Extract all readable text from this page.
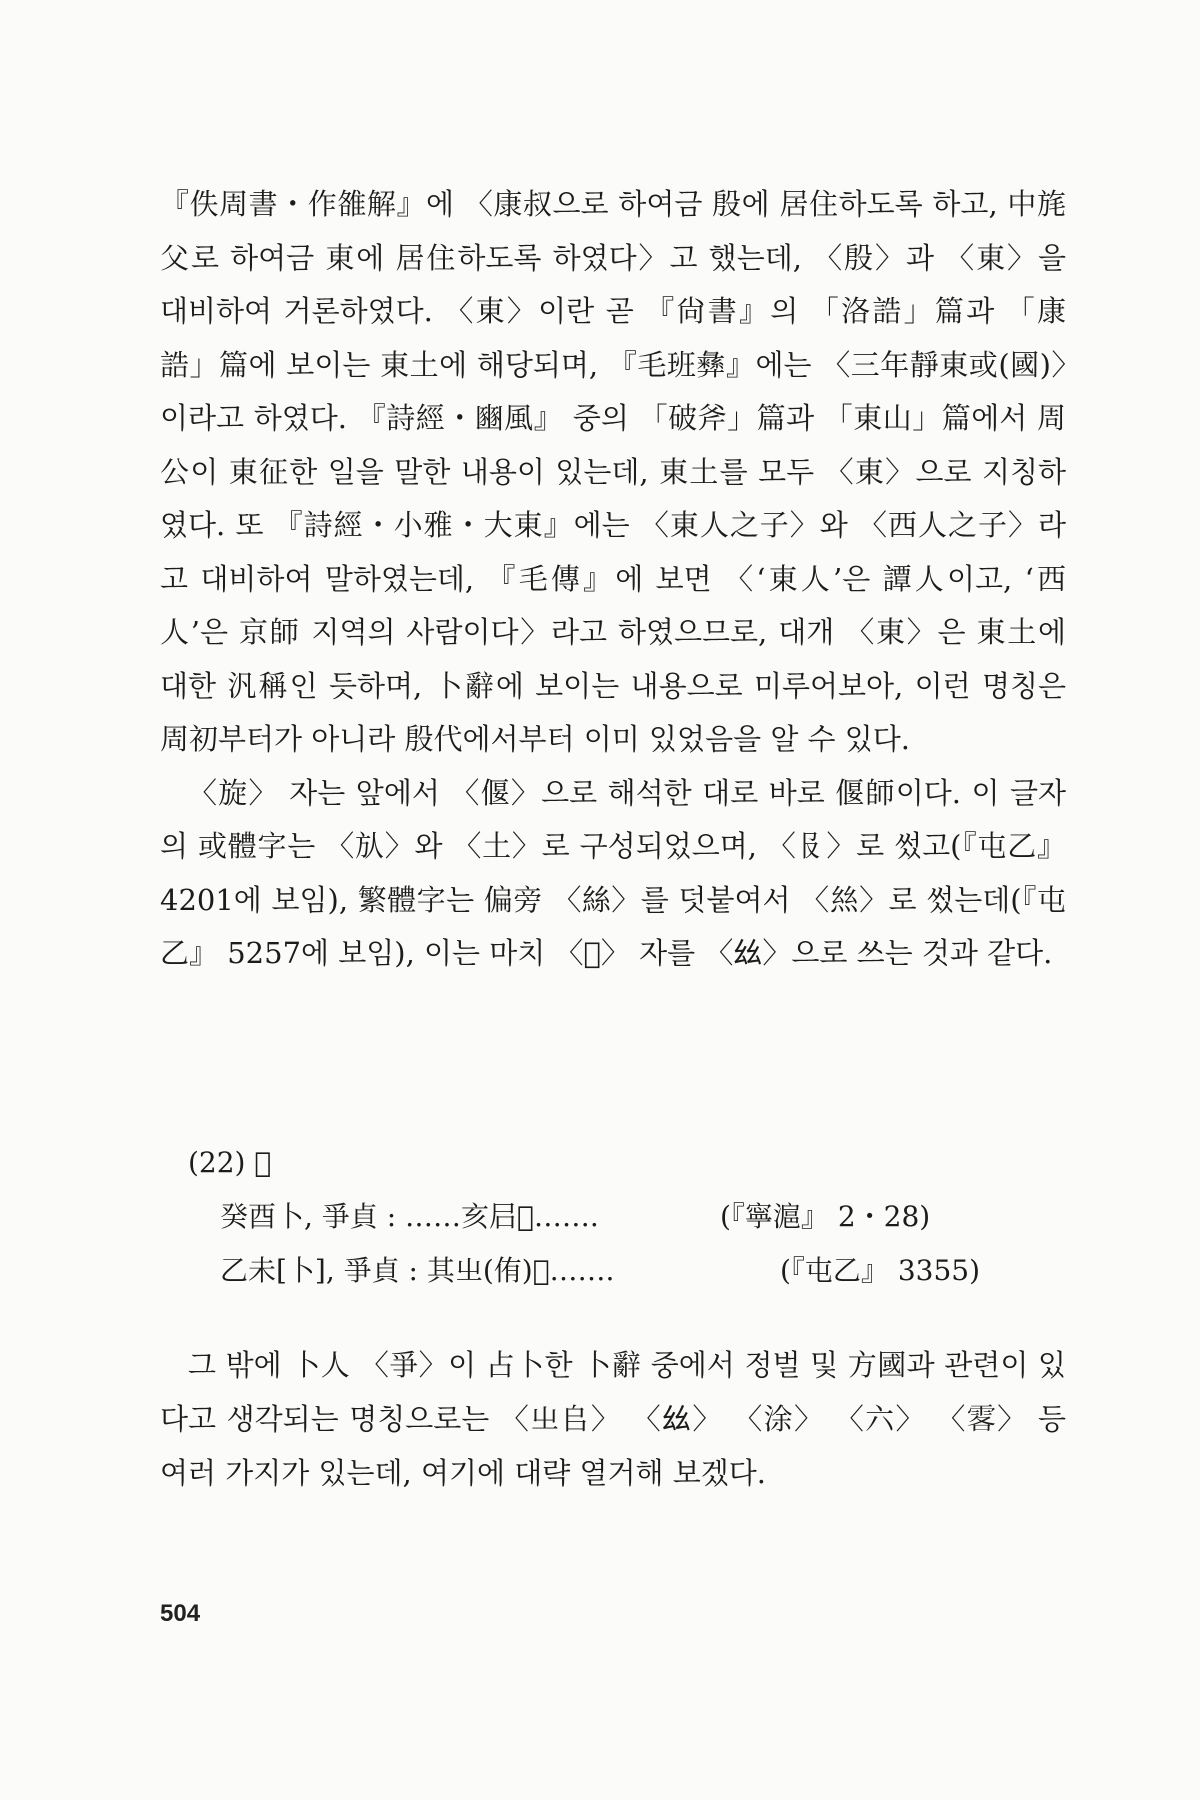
『佚周書・作雒解』에 〈康叔으로 하여금 殷에 居住하도록 하고, 中旄父로 하여금 東에 居住하도록 하였다〉고 했는데, 〈殷〉과 〈東〉을 대비하여 거론하였다. 〈東〉이란 곧 『尙書』의 「洛誥」篇과 「康誥」篇에 보이는 東土에 해당되며, 『毛班彝』에는 〈三年靜東或(國)〉이라고 하였다. 『詩經・豳風』 중의 「破斧」篇과 「東山」篇에서 周公이 東征한 일을 말한 내용이 있는데, 東土를 모두 〈東〉으로 지칭하였다. 또 『詩經・小雅・大東』에는 〈東人之子〉와 〈西人之子〉라고 대비하여 말하였는데, 『毛傳』에 보면 〈‘東人’은 譚人이고, ‘西人’은 京師 지역의 사람이다〉라고 하였으므로, 대개 〈東〉은 東土에 대한 汎稱인 듯하며, 卜辭에 보이는 내용으로 미루어보아, 이런 명칭은 周初부터가 아니라 殷代에서부터 이미 있었음을 알 수 있다.

〈旋〉 자는 앞에서 〈偃〉으로 해석한 대로 바로 偃師이다. 이 글자의 或體字는 〈㫃〉와 〈土〉로 구성되었으며, 〈𠬝〉로 썼고(『屯乙』 4201에 보임), 繁體字는 偏旁 〈絲〉를 덧붙여서 〈𢇁〉로 썼는데(『屯乙』 5257에 보임), 이는 마치 〈𤕫〉 자를 〈𢆶〉으로 쓰는 것과 같다.

(22) 𣆀
癸酉卜, 爭貞 : ……亥𡰪𣆀…….	(『寧滬』 2・28)
乙未[卜], 爭貞 : 其㞢(侑)𣆀…….	(『屯乙』 3355)

그 밖에 卜人 〈爭〉이 占卜한 卜辭 중에서 정벌 및 方國과 관련이 있다고 생각되는 명칭으로는 〈㞢𠂤〉 〈𢆶〉 〈涂〉 〈六〉 〈𩂣〉 등 여러 가지가 있는데, 여기에 대략 열거해 보겠다.

504
